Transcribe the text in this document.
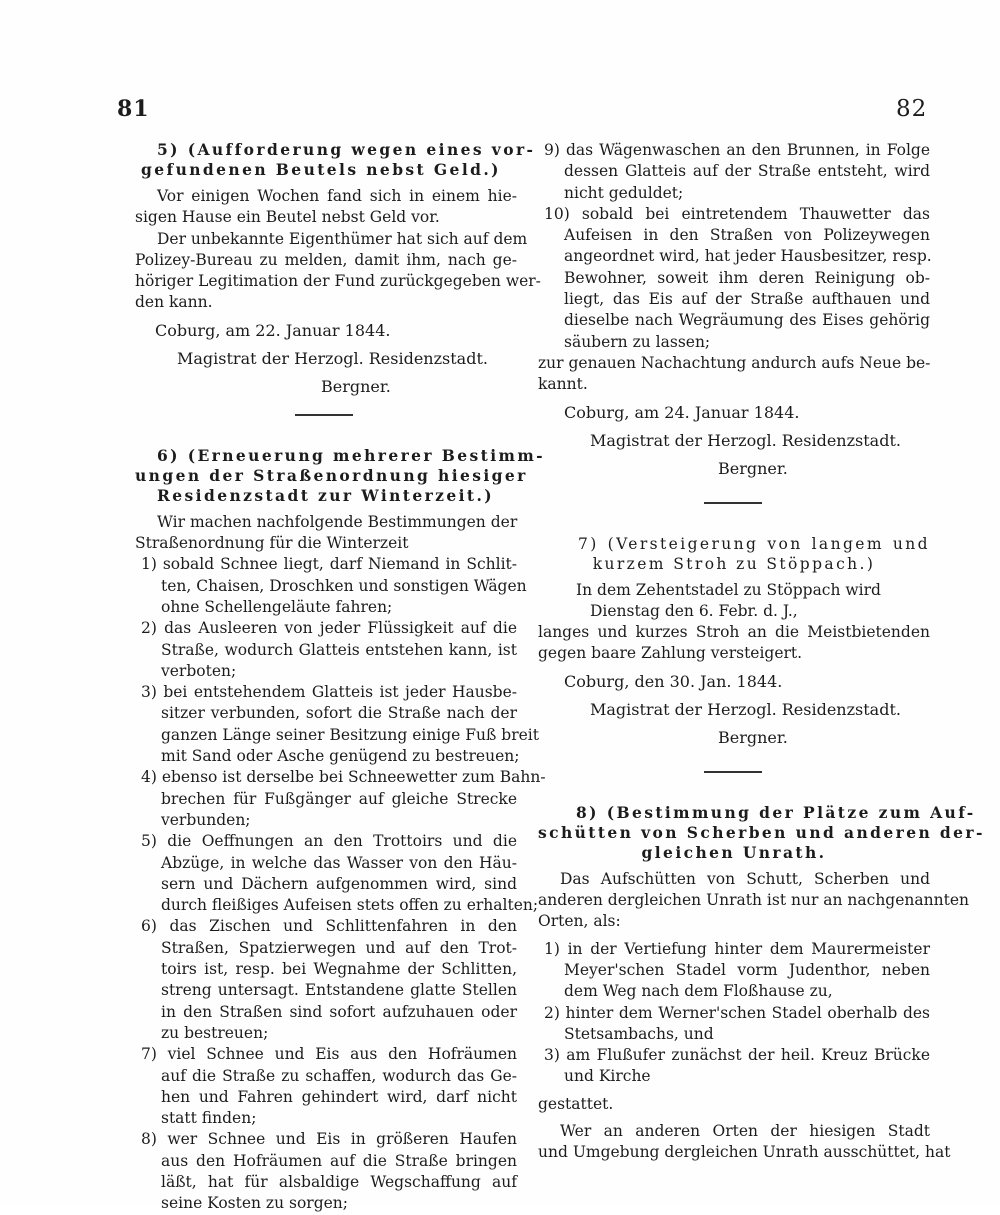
81	82

5) (Aufforderung wegen eines vor-

gefundenen Beutels nebst Geld.)

Vor einigen Wochen fand sich in einem hie-

sigen Hause ein Beutel nebst Geld vor.

Der unbekannte Eigenthümer hat sich auf dem

Polizey-Bureau zu melden, damit ihm, nach ge-

höriger Legitimation der Fund zurückgegeben wer-

den kann.

Coburg, am 22. Januar 1844.

Magistrat der Herzogl. Residenzstadt.

Bergner.

6) (Erneuerung mehrerer Bestimm-

ungen der Straßenordnung hiesiger

Residenzstadt zur Winterzeit.)

Wir machen nachfolgende Bestimmungen der

Straßenordnung für die Winterzeit

1) sobald Schnee liegt, darf Niemand in Schlit-

ten, Chaisen, Droschken und sonstigen Wägen

ohne Schellengeläute fahren;

2) das Ausleeren von jeder Flüssigkeit auf die

Straße, wodurch Glatteis entstehen kann, ist

verboten;

3) bei entstehendem Glatteis ist jeder Hausbe-

sitzer verbunden, sofort die Straße nach der

ganzen Länge seiner Besitzung einige Fuß breit

mit Sand oder Asche genügend zu bestreuen;

4) ebenso ist derselbe bei Schneewetter zum Bahn-

brechen für Fußgänger auf gleiche Strecke

verbunden;

5) die Oeffnungen an den Trottoirs und die

Abzüge, in welche das Wasser von den Häu-

sern und Dächern aufgenommen wird, sind

durch fleißiges Aufeisen stets offen zu erhalten;

6) das Zischen und Schlittenfahren in den

Straßen, Spatzierwegen und auf den Trot-

toirs ist, resp. bei Wegnahme der Schlitten,

streng untersagt. Entstandene glatte Stellen

in den Straßen sind sofort aufzuhauen oder

zu bestreuen;

7) viel Schnee und Eis aus den Hofräumen

auf die Straße zu schaffen, wodurch das Ge-

hen und Fahren gehindert wird, darf nicht

statt finden;

8) wer Schnee und Eis in größeren Haufen

aus den Hofräumen auf die Straße bringen

läßt, hat für alsbaldige Wegschaffung auf

seine Kosten zu sorgen;

9) das Wägenwaschen an den Brunnen, in Folge

dessen Glatteis auf der Straße entsteht, wird

nicht geduldet;

10) sobald bei eintretendem Thauwetter das

Aufeisen in den Straßen von Polizeywegen

angeordnet wird, hat jeder Hausbesitzer, resp.

Bewohner, soweit ihm deren Reinigung ob-

liegt, das Eis auf der Straße aufthauen und

dieselbe nach Wegräumung des Eises gehörig

säubern zu lassen;

zur genauen Nachachtung andurch aufs Neue be-

kannt.

Coburg, am 24. Januar 1844.

Magistrat der Herzogl. Residenzstadt.

Bergner.

7) (Versteigerung von langem und

kurzem Stroh zu Stöppach.)

In dem Zehentstadel zu Stöppach wird

Dienstag den 6. Febr. d. J.,

langes und kurzes Stroh an die Meistbietenden

gegen baare Zahlung versteigert.

Coburg, den 30. Jan. 1844.

Magistrat der Herzogl. Residenzstadt.

Bergner.

8) (Bestimmung der Plätze zum Auf-

schütten von Scherben und anderen der-

gleichen Unrath.

Das Aufschütten von Schutt, Scherben und

anderen dergleichen Unrath ist nur an nachgenannten

Orten, als:

1) in der Vertiefung hinter dem Maurermeister

Meyer'schen Stadel vorm Judenthor, neben

dem Weg nach dem Floßhause zu,

2) hinter dem Werner'schen Stadel oberhalb des

Stetsambachs, und

3) am Flußufer zunächst der heil. Kreuz Brücke

und Kirche

gestattet.

Wer an anderen Orten der hiesigen Stadt

und Umgebung dergleichen Unrath ausschüttet, hat
